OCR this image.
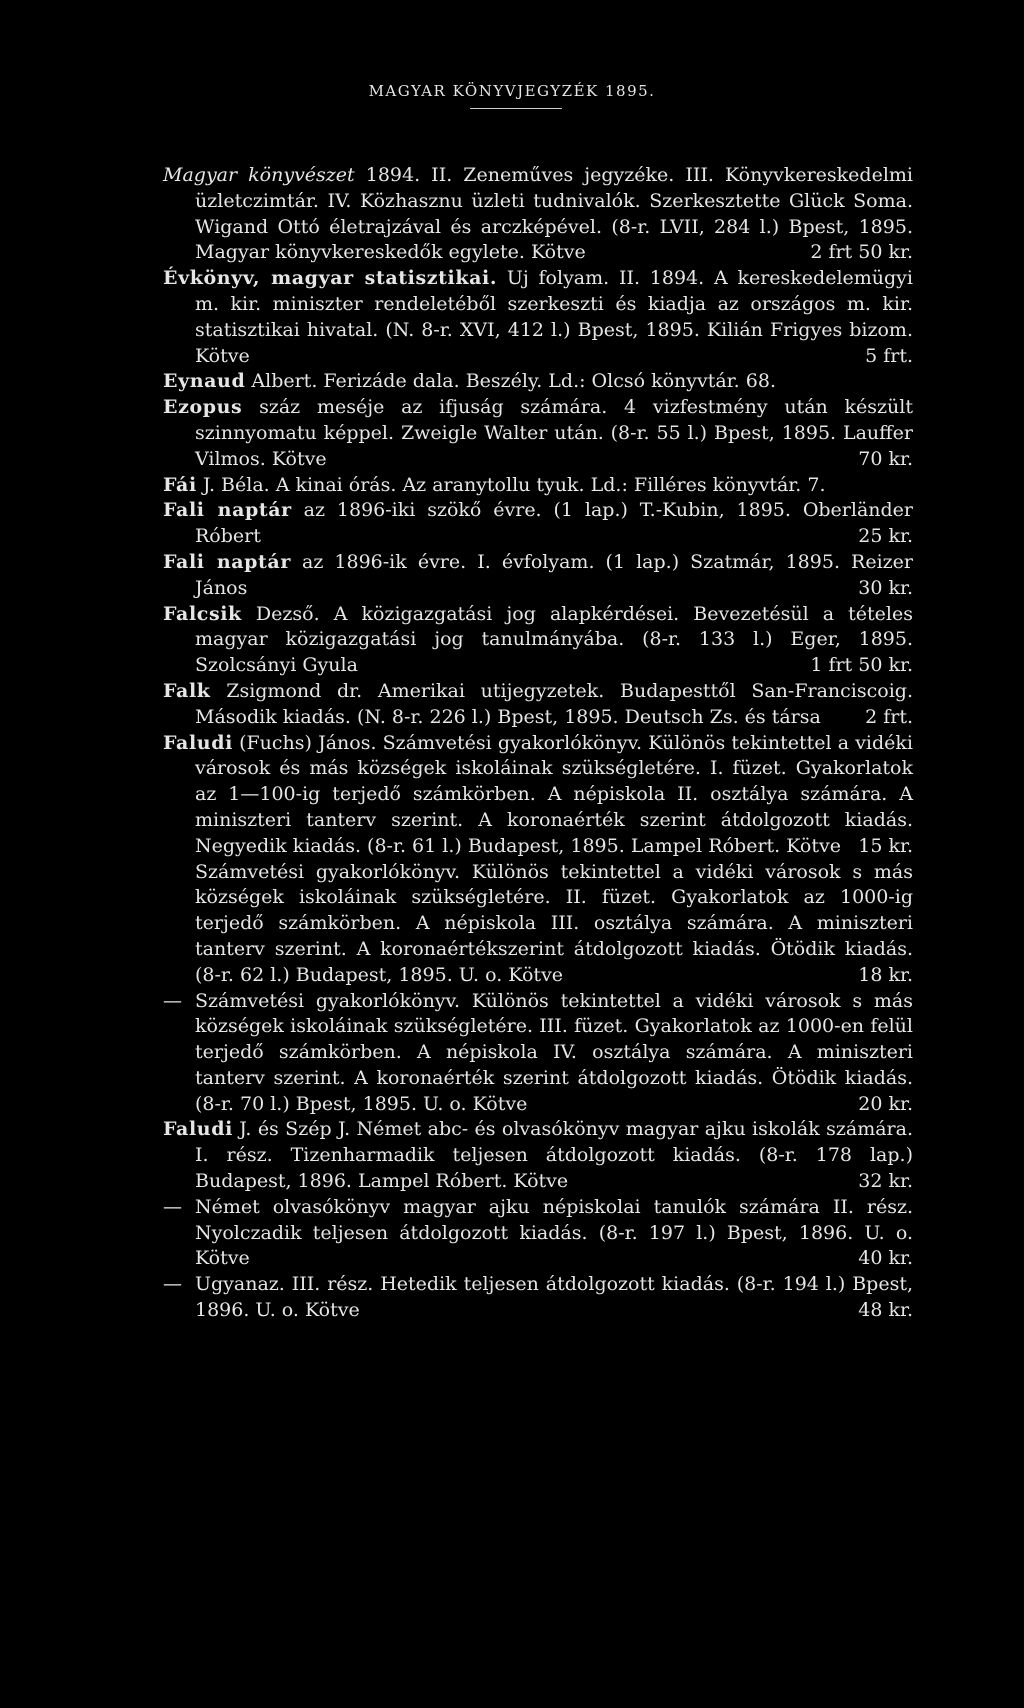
MAGYAR KÖNYVJEGYZÉK 1895.
Magyar könyvészet 1894. II. Zeneműves jegyzéke. III. Könyvkereskedelmi üzletczimtár. IV. Közhasznu üzleti tudnivalók. Szerkesztette Glück Soma. Wigand Ottó életrajzával és arczképével. (8-r. LVII, 284 l.) Bpest, 1895. Magyar könyvkereskedők egylete. Kötve	2 frt 50 kr.
Évkönyv, magyar statisztikai. Uj folyam. II. 1894. A kereskedelemügyi m. kir. miniszter rendeletéből szerkeszti és kiadja az országos m. kir. statisztikai hivatal. (N. 8-r. XVI, 412 l.) Bpest, 1895. Kilián Frigyes bizom. Kötve	5 frt.
Eynaud Albert. Ferizáde dala. Beszély. Ld.: Olcsó könyvtár. 68.
Ezopus száz meséje az ifjuság számára. 4 vizfestmény után készült szinnyomatu képpel. Zweigle Walter után. (8-r. 55 l.) Bpest, 1895. Lauffer Vilmos. Kötve	70 kr.
Fái J. Béla. A kinai órás. Az aranytollu tyuk. Ld.: Filléres könyvtár. 7.
Fali naptár az 1896-iki szökő évre. (1 lap.) T.-Kubin, 1895. Oberländer Róbert	25 kr.
Fali naptár az 1896-ik évre. I. évfolyam. (1 lap.) Szatmár, 1895. Reizer János	30 kr.
Falcsik Dezső. A közigazgatási jog alapkérdései. Bevezetésül a tételes magyar közigazgatási jog tanulmányába. (8-r. 133 l.) Eger, 1895. Szolcsányi Gyula	1 frt 50 kr.
Falk Zsigmond dr. Amerikai utijegyzetek. Budapesttől San-Franciscoig. Második kiadás. (N. 8-r. 226 l.) Bpest, 1895. Deutsch Zs. és társa 2 frt.
Faludi (Fuchs) János. Számvetési gyakorlókönyv. Különös tekintettel a vidéki városok és más községek iskoláinak szükségletére. I. füzet. Gyakorlatok az 1—100-ig terjedő számkörben. A népiskola II. osztálya számára. A miniszteri tanterv szerint. A koronaérték szerint átdolgozott kiadás. Negyedik kiadás. (8-r. 61 l.) Budapest, 1895. Lampel Róbert. Kötve 15 kr.
Számvetési gyakorlókönyv. Különös tekintettel a vidéki városok s más községek iskoláinak szükségletére. II. füzet. Gyakorlatok az 1000-ig terjedő számkörben. A népiskola III. osztálya számára. A miniszteri tanterv szerint. A koronaértékszerint átdolgozott kiadás. Ötödik kiadás. (8-r. 62 l.) Budapest, 1895. U. o. Kötve	18 kr.
— Számvetési gyakorlókönyv. Különös tekintettel a vidéki városok s más községek iskoláinak szükségletére. III. füzet. Gyakorlatok az 1000-en felül terjedő számkörben. A népiskola IV. osztálya számára. A miniszteri tanterv szerint. A koronaérték szerint átdolgozott kiadás. Ötödik kiadás. (8-r. 70 l.) Bpest, 1895. U. o. Kötve	20 kr.
Faludi J. és Szép J. Német abc- és olvasókönyv magyar ajku iskolák számára. I. rész. Tizenharmadik teljesen átdolgozott kiadás. (8-r. 178 lap.) Budapest, 1896. Lampel Róbert. Kötve	32 kr.
— Német olvasókönyv magyar ajku népiskolai tanulók számára II. rész. Nyolczadik teljesen átdolgozott kiadás. (8-r. 197 l.) Bpest, 1896. U. o. Kötve	40 kr.
— Ugyanaz. III. rész. Hetedik teljesen átdolgozott kiadás. (8-r. 194 l.) Bpest, 1896. U. o. Kötve	48 kr.
